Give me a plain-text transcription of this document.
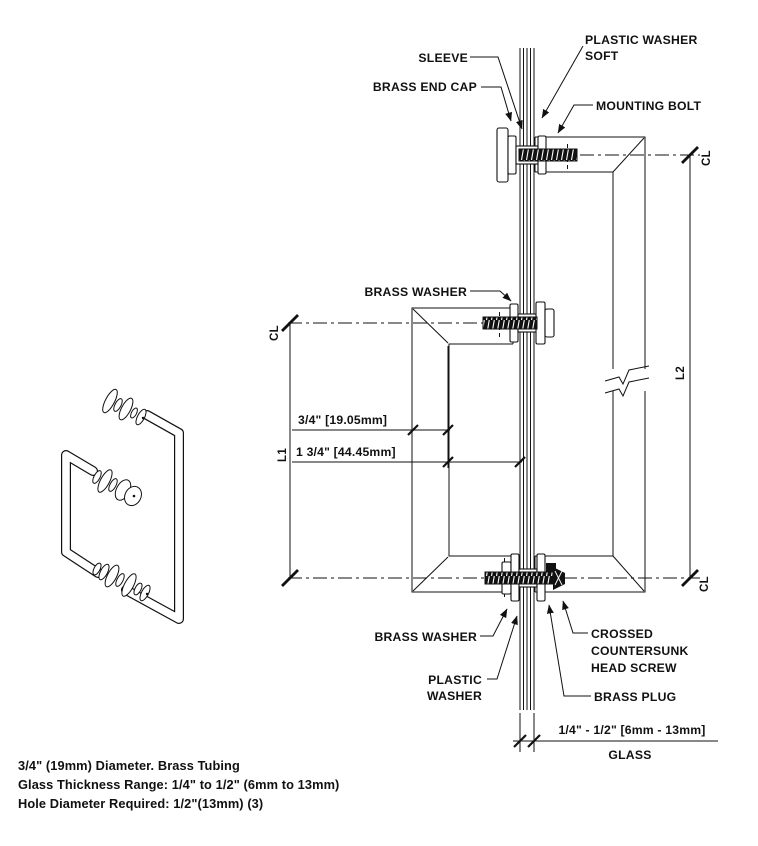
L1
CL
L2
CL
CL
3/4" [19.05mm]
1 3/4" [44.45mm]
1/4" - 1/2" [6mm - 13mm]
GLASS
SLEEVE
PLASTIC WASHER
SOFT
BRASS END CAP
MOUNTING BOLT
BRASS WASHER
BRASS WASHER
PLASTIC
WASHER
CROSSED
COUNTERSUNK
HEAD SCREW
BRASS PLUG
3/4" (19mm) Diameter. Brass Tubing
Glass Thickness Range: 1/4" to 1/2" (6mm to 13mm)
Hole Diameter Required: 1/2"(13mm) (3)
